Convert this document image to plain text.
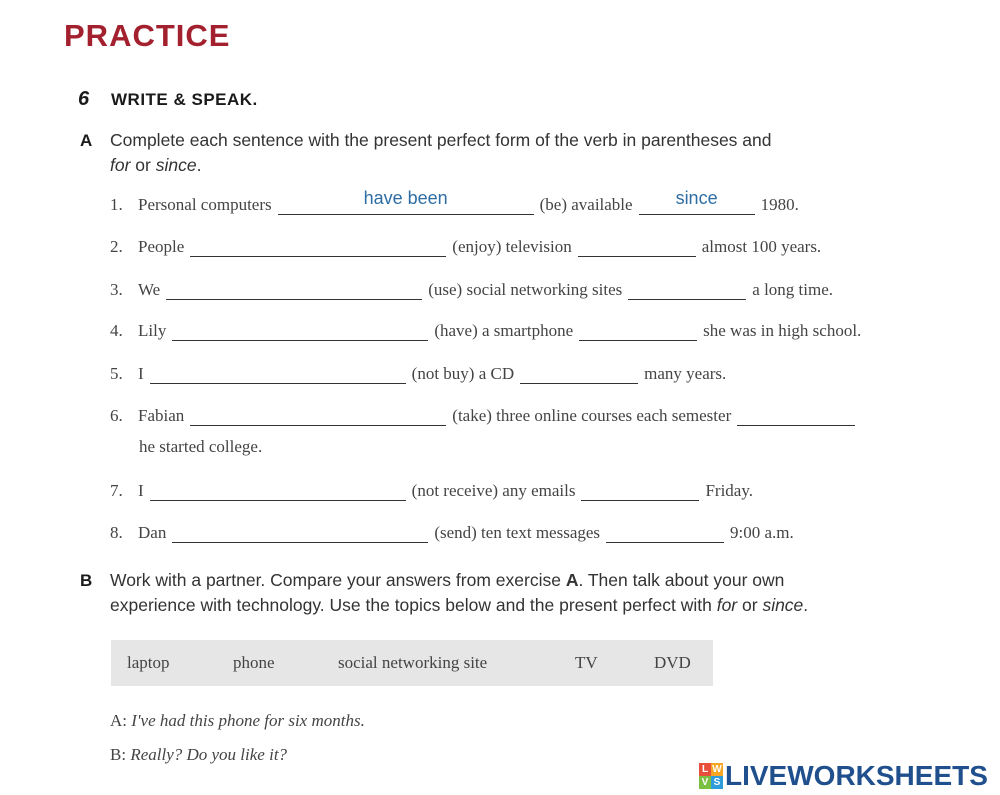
PRACTICE
6 WRITE & SPEAK.
A Complete each sentence with the present perfect form of the verb in parentheses and
for or since.
1. Personal computers	have been	(be) available	since	1980.
2. People	(enjoy) television	almost 100 years.
3. We	(use) social networking sites	a long time.
4. Lily	(have) a smartphone	she was in high school.
5. I	(not buy) a CD	many years.
6. Fabian	(take) three online courses each semester
he started college.
7. I	(not receive) any emails	Friday.
8. Dan	(send) ten text messages	9:00 a.m.
B Work with a partner. Compare your answers from exercise A. Then talk about your own
experience with technology. Use the topics below and the present perfect with for or since.
laptop	phone	social networking site	TV	DVD
A: I've had this phone for six months.
B: Really? Do you like it?
L W
V S LIVEWORKSHEETS
